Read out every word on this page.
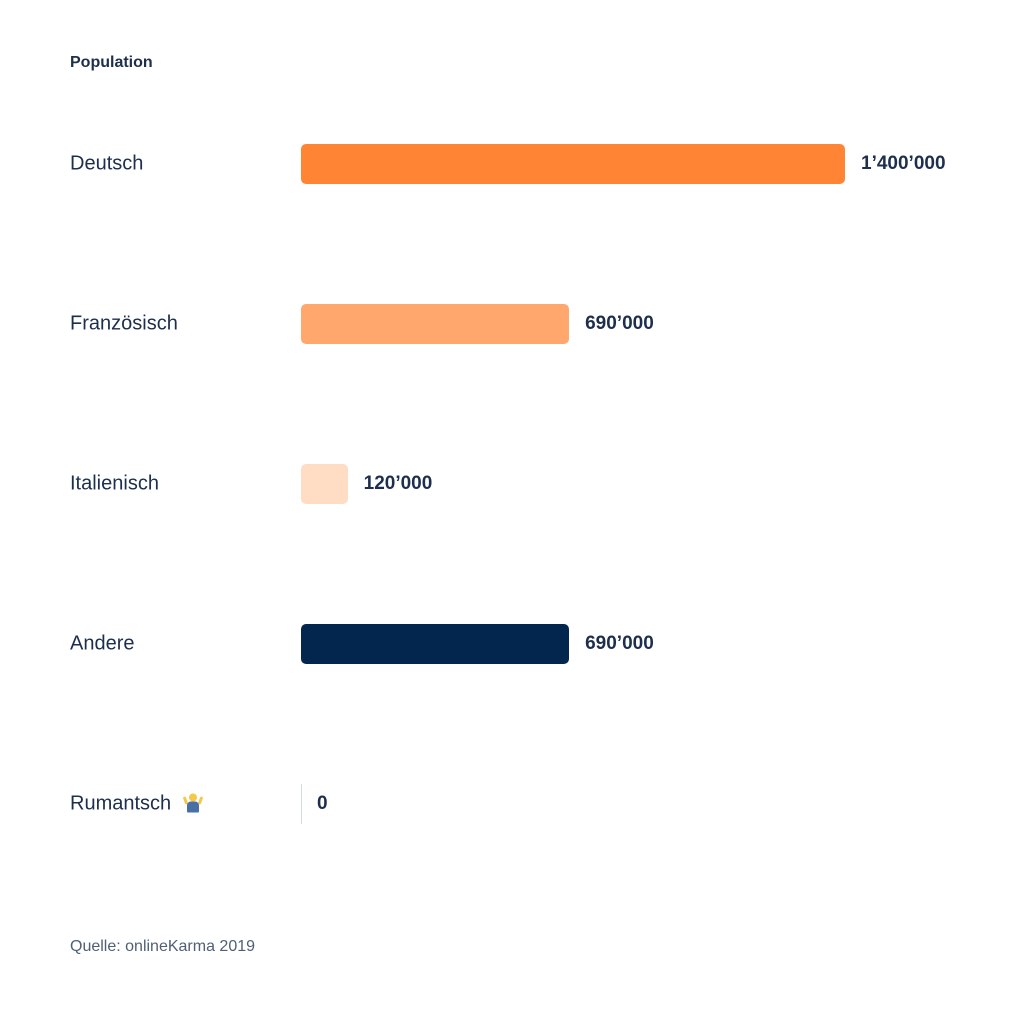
Population
Deutsch	1’400’000
Französisch	690’000
Italienisch	120’000
Andere	690’000
Rumantsch	0
Quelle: onlineKarma 2019
